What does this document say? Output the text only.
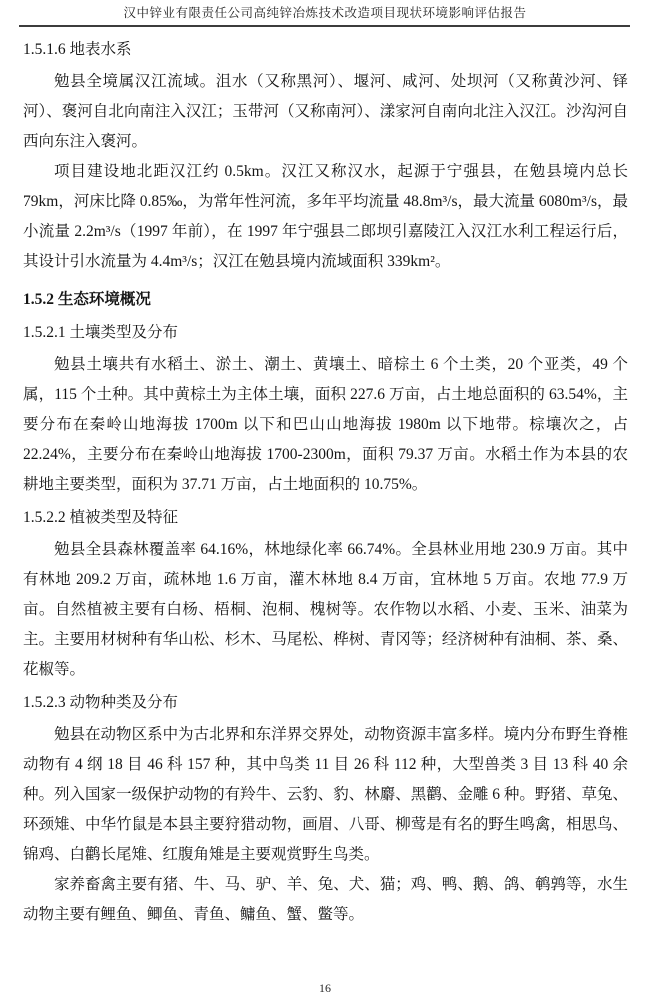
汉中锌业有限责任公司高纯锌冶炼技术改造项目现状环境影响评估报告
1.5.1.6 地表水系
勉县全境属汉江流域。沮水（又称黑河）、堰河、咸河、处坝河（又称黄沙河、铎河）、褒河自北向南注入汉江；玉带河（又称南河）、漾家河自南向北注入汉江。沙沟河自西向东注入褒河。
项目建设地北距汉江约 0.5km。汉江又称汉水，起源于宁强县，在勉县境内总长 79km，河床比降 0.85‰，为常年性河流，多年平均流量 48.8m³/s，最大流量 6080m³/s，最小流量 2.2m³/s（1997 年前），在 1997 年宁强县二郎坝引嘉陵江入汉江水利工程运行后，其设计引水流量为 4.4m³/s；汉江在勉县境内流域面积 339km²。
1.5.2 生态环境概况
1.5.2.1 土壤类型及分布
勉县土壤共有水稻土、淤土、潮土、黄壤土、暗棕土 6 个土类，20 个亚类，49 个属，115 个土种。其中黄棕土为主体土壤，面积 227.6 万亩，占土地总面积的 63.54%，主要分布在秦岭山地海拔 1700m 以下和巴山山地海拔 1980m 以下地带。棕壤次之，占 22.24%，主要分布在秦岭山地海拔 1700-2300m，面积 79.37 万亩。水稻土作为本县的农耕地主要类型，面积为 37.71 万亩，占土地面积的 10.75%。
1.5.2.2 植被类型及特征
勉县全县森林覆盖率 64.16%，林地绿化率 66.74%。全县林业用地 230.9 万亩。其中有林地 209.2 万亩，疏林地 1.6 万亩，灌木林地 8.4 万亩，宜林地 5 万亩。农地 77.9 万亩。自然植被主要有白杨、梧桐、泡桐、槐树等。农作物以水稻、小麦、玉米、油菜为主。主要用材树种有华山松、杉木、马尾松、桦树、青冈等；经济树种有油桐、茶、桑、花椒等。
1.5.2.3 动物种类及分布
勉县在动物区系中为古北界和东洋界交界处，动物资源丰富多样。境内分布野生脊椎动物有 4 纲 18 目 46 科 157 种，其中鸟类 11 目 26 科 112 种，大型兽类 3 目 13 科 40 余种。列入国家一级保护动物的有羚牛、云豹、豹、林麝、黑鹳、金雕 6 种。野猪、草兔、环颈雉、中华竹鼠是本县主要狩猎动物，画眉、八哥、柳莺是有名的野生鸣禽，相思鸟、锦鸡、白鹳长尾雉、红腹角雉是主要观赏野生鸟类。
家养畜禽主要有猪、牛、马、驴、羊、兔、犬、猫；鸡、鸭、鹅、鸽、鹌鹑等，水生动物主要有鲤鱼、鲫鱼、青鱼、鳙鱼、蟹、鳖等。
16
